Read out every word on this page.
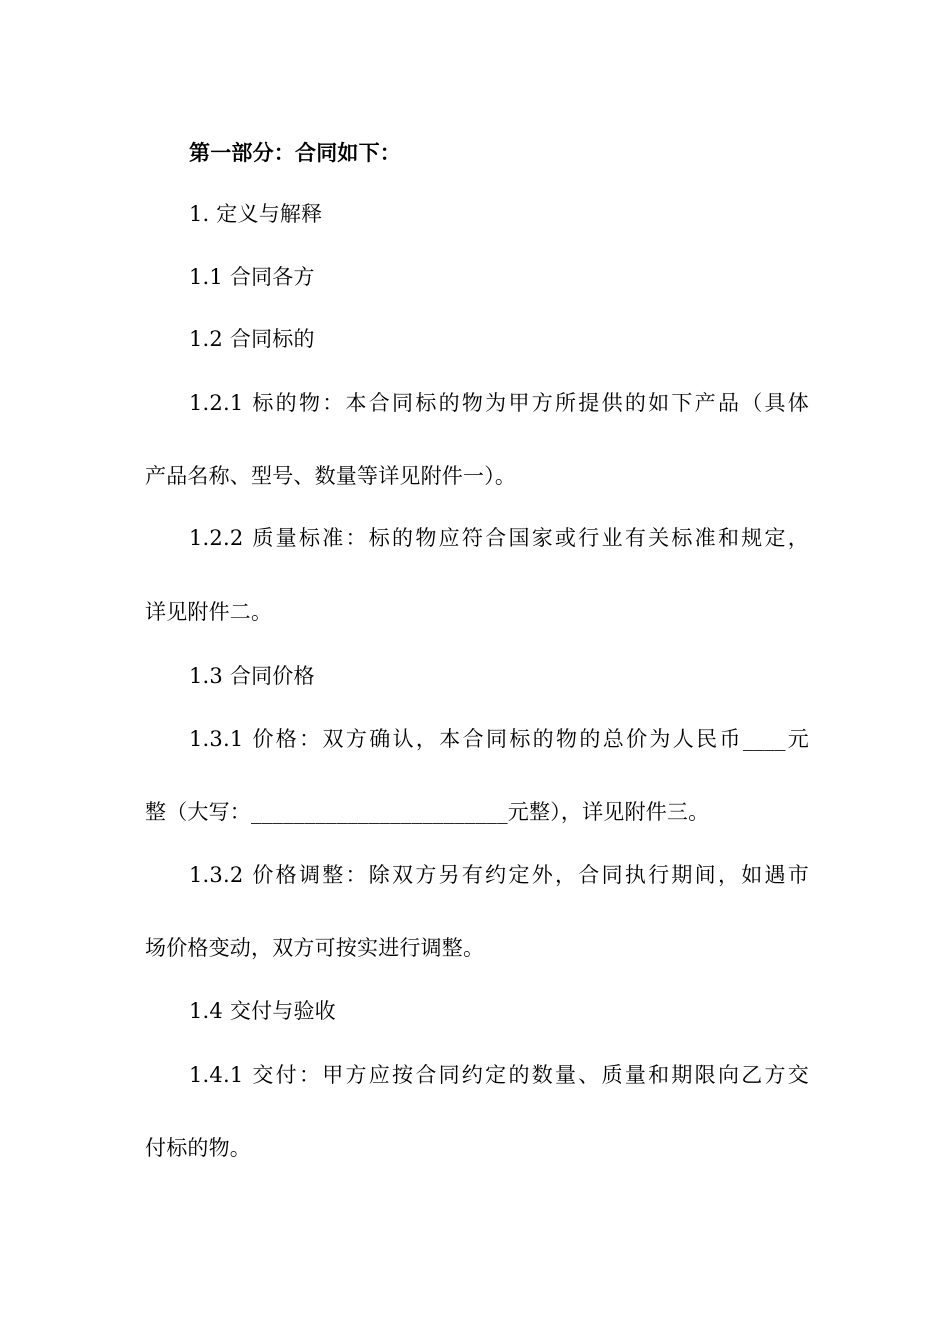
第一部分：合同如下：
1. 定义与解释
1.1 合同各方
1.2 合同标的
1.2.1 标的物：本合同标的物为甲方所提供的如下产品（具体
产品名称、型号、数量等详见附件一）。
1.2.2 质量标准：标的物应符合国家或行业有关标准和规定，
详见附件二。
1.3 合同价格
1.3.1 价格：双方确认，本合同标的物的总价为人民币____元
整（大写：________________________元整），详见附件三。
1.3.2 价格调整：除双方另有约定外，合同执行期间，如遇市
场价格变动，双方可按实进行调整。
1.4 交付与验收
1.4.1 交付：甲方应按合同约定的数量、质量和期限向乙方交
付标的物。
